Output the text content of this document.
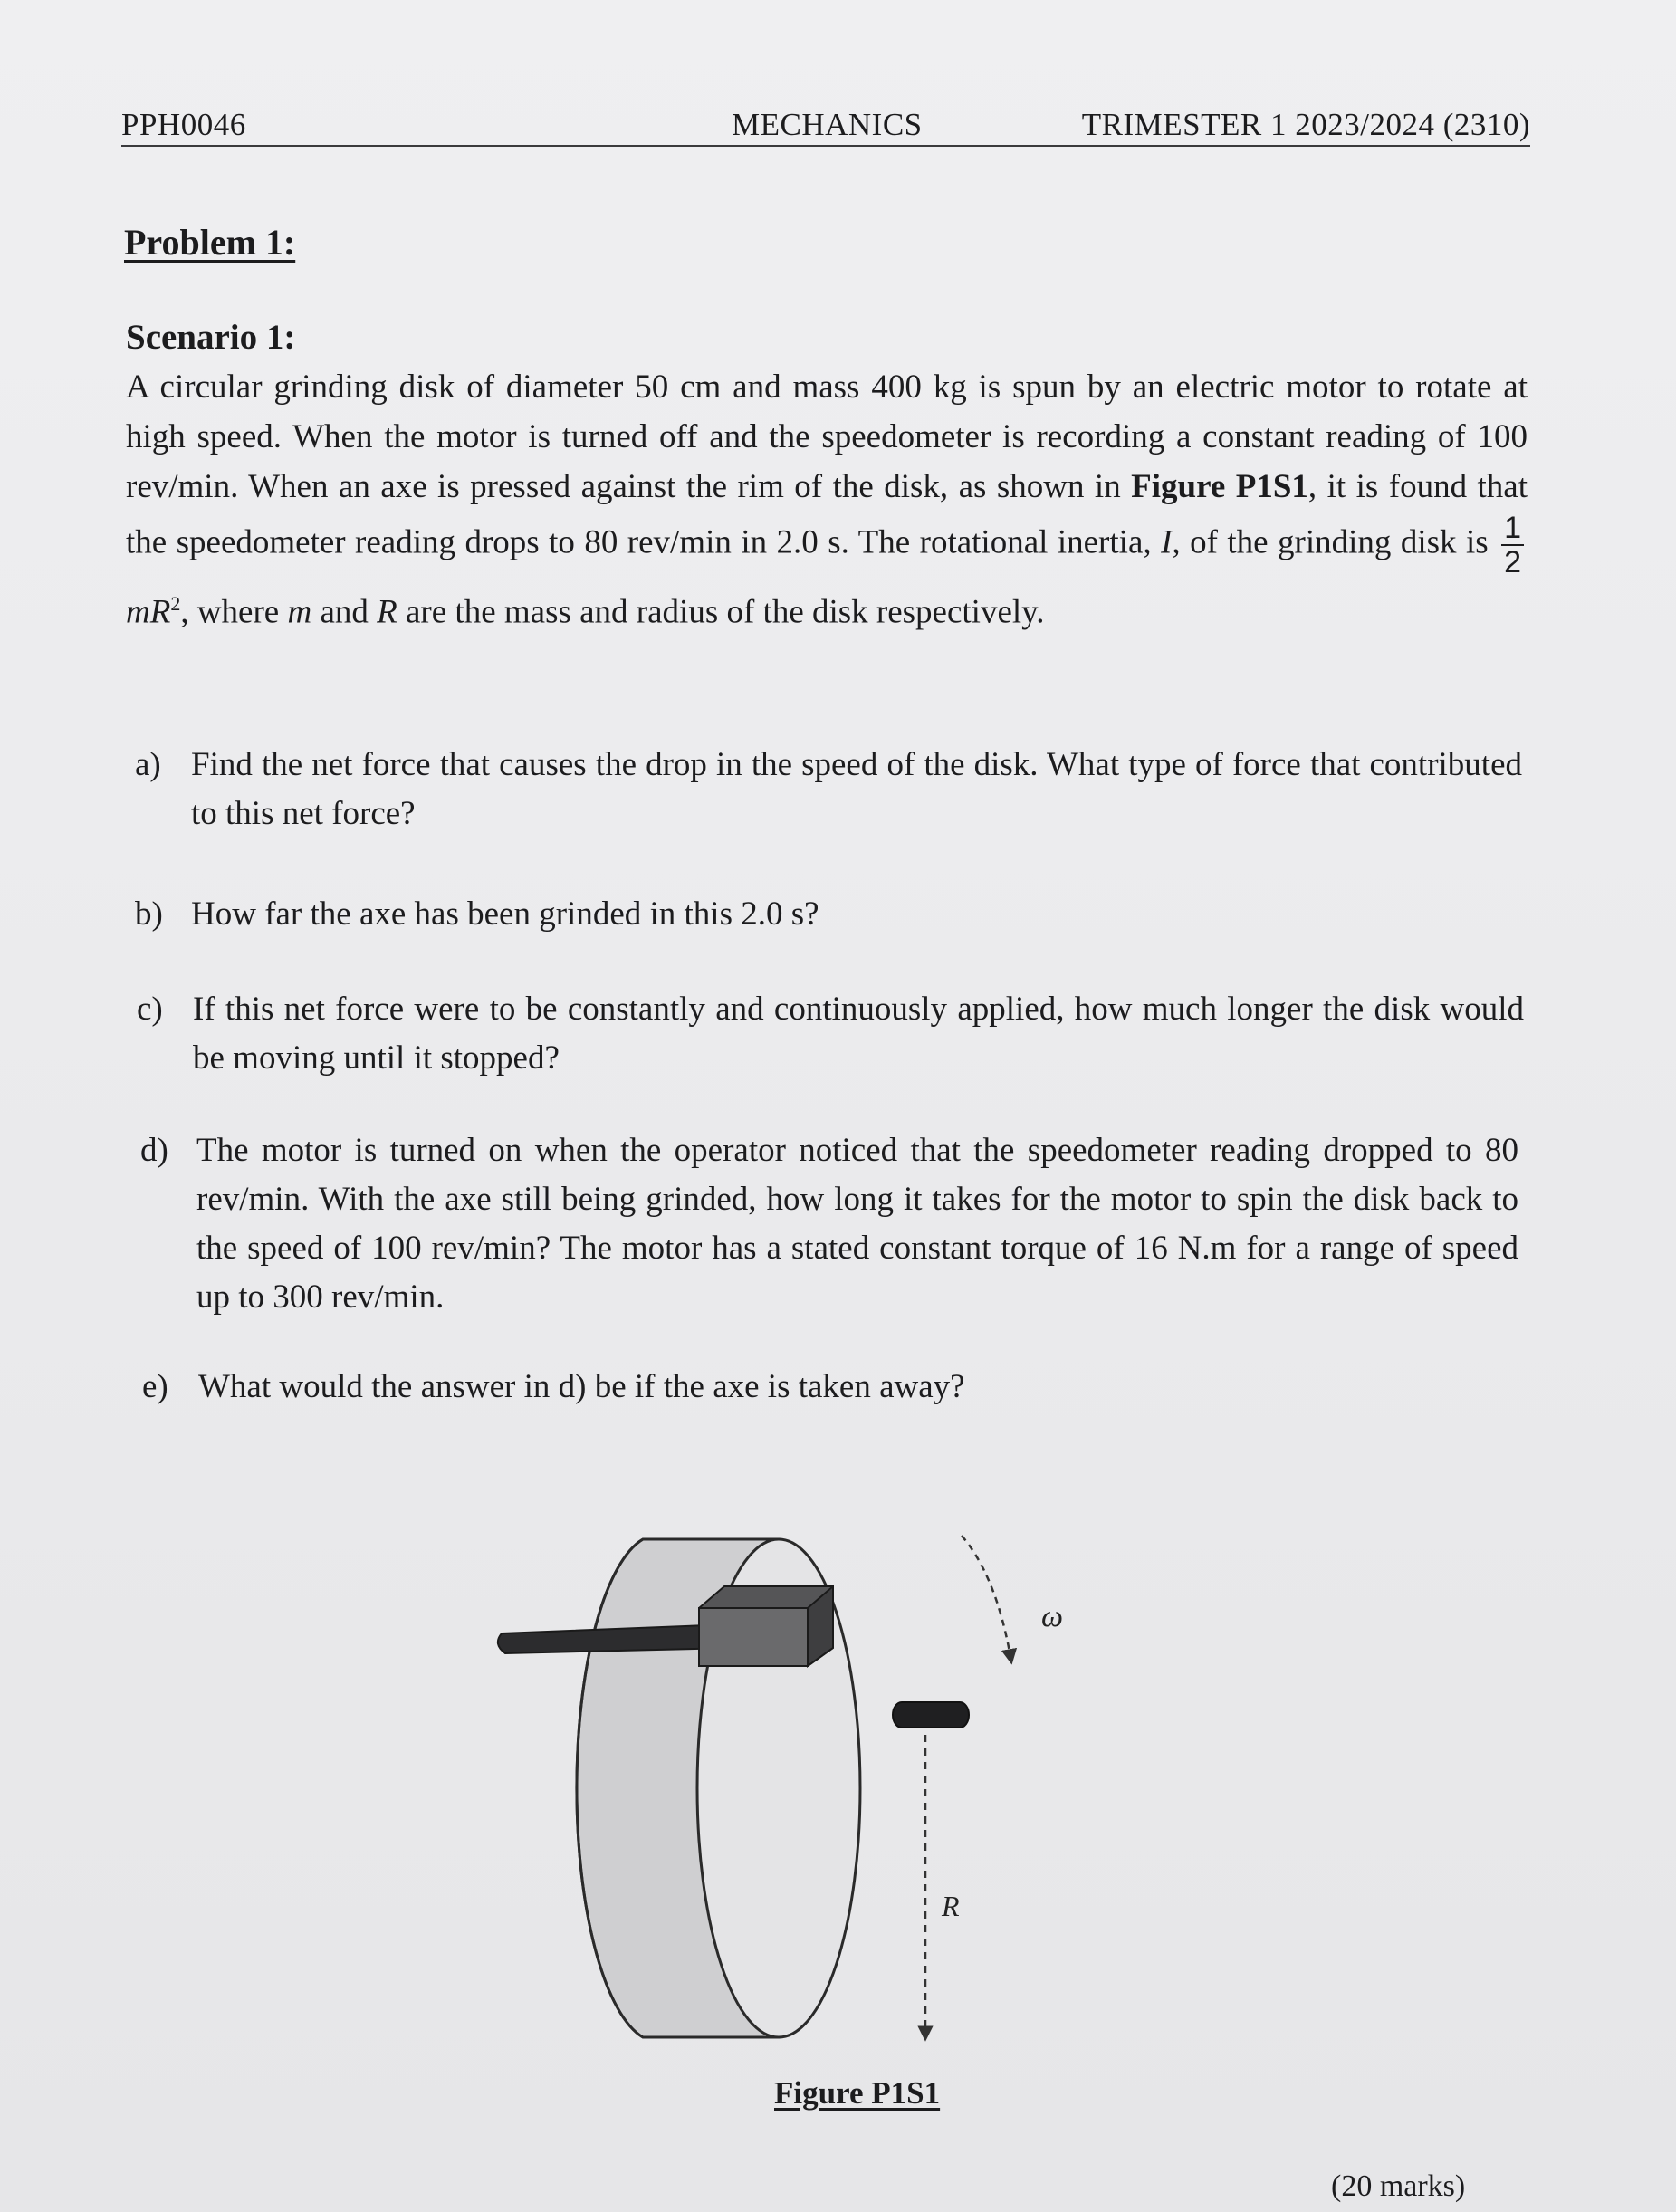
PPH0046	MECHANICS	TRIMESTER 1 2023/2024 (2310)

Problem 1:

Scenario 1:

A circular grinding disk of diameter 50 cm and mass 400 kg is spun by an electric motor to rotate at high speed. When the motor is turned off and the speedometer is recording a constant reading of 100 rev/min. When an axe is pressed against the rim of the disk, as shown in Figure P1S1, it is found that the speedometer reading drops to 80 rev/min in 2.0 s. The rotational inertia, I, of the grinding disk is $\frac{1}{2}$
$mR^2$, where m and R are the mass and radius of the disk respectively.

a) Find the net force that causes the drop in the speed of the disk. What type of force that contributed to this net force?
b) How far the axe has been grinded in this 2.0 s?
c) If this net force were to be constantly and continuously applied, how much longer the disk would be moving until it stopped?
d) The motor is turned on when the operator noticed that the speedometer reading dropped to 80 rev/min. With the axe still being grinded, how long it takes for the motor to spin the disk back to the speed of 100 rev/min? The motor has a stated constant torque of 16 N.m for a range of speed up to 300 rev/min.
e) What would the answer in d) be if the axe is taken away?
R
ω

Figure P1S1

(20 marks)
